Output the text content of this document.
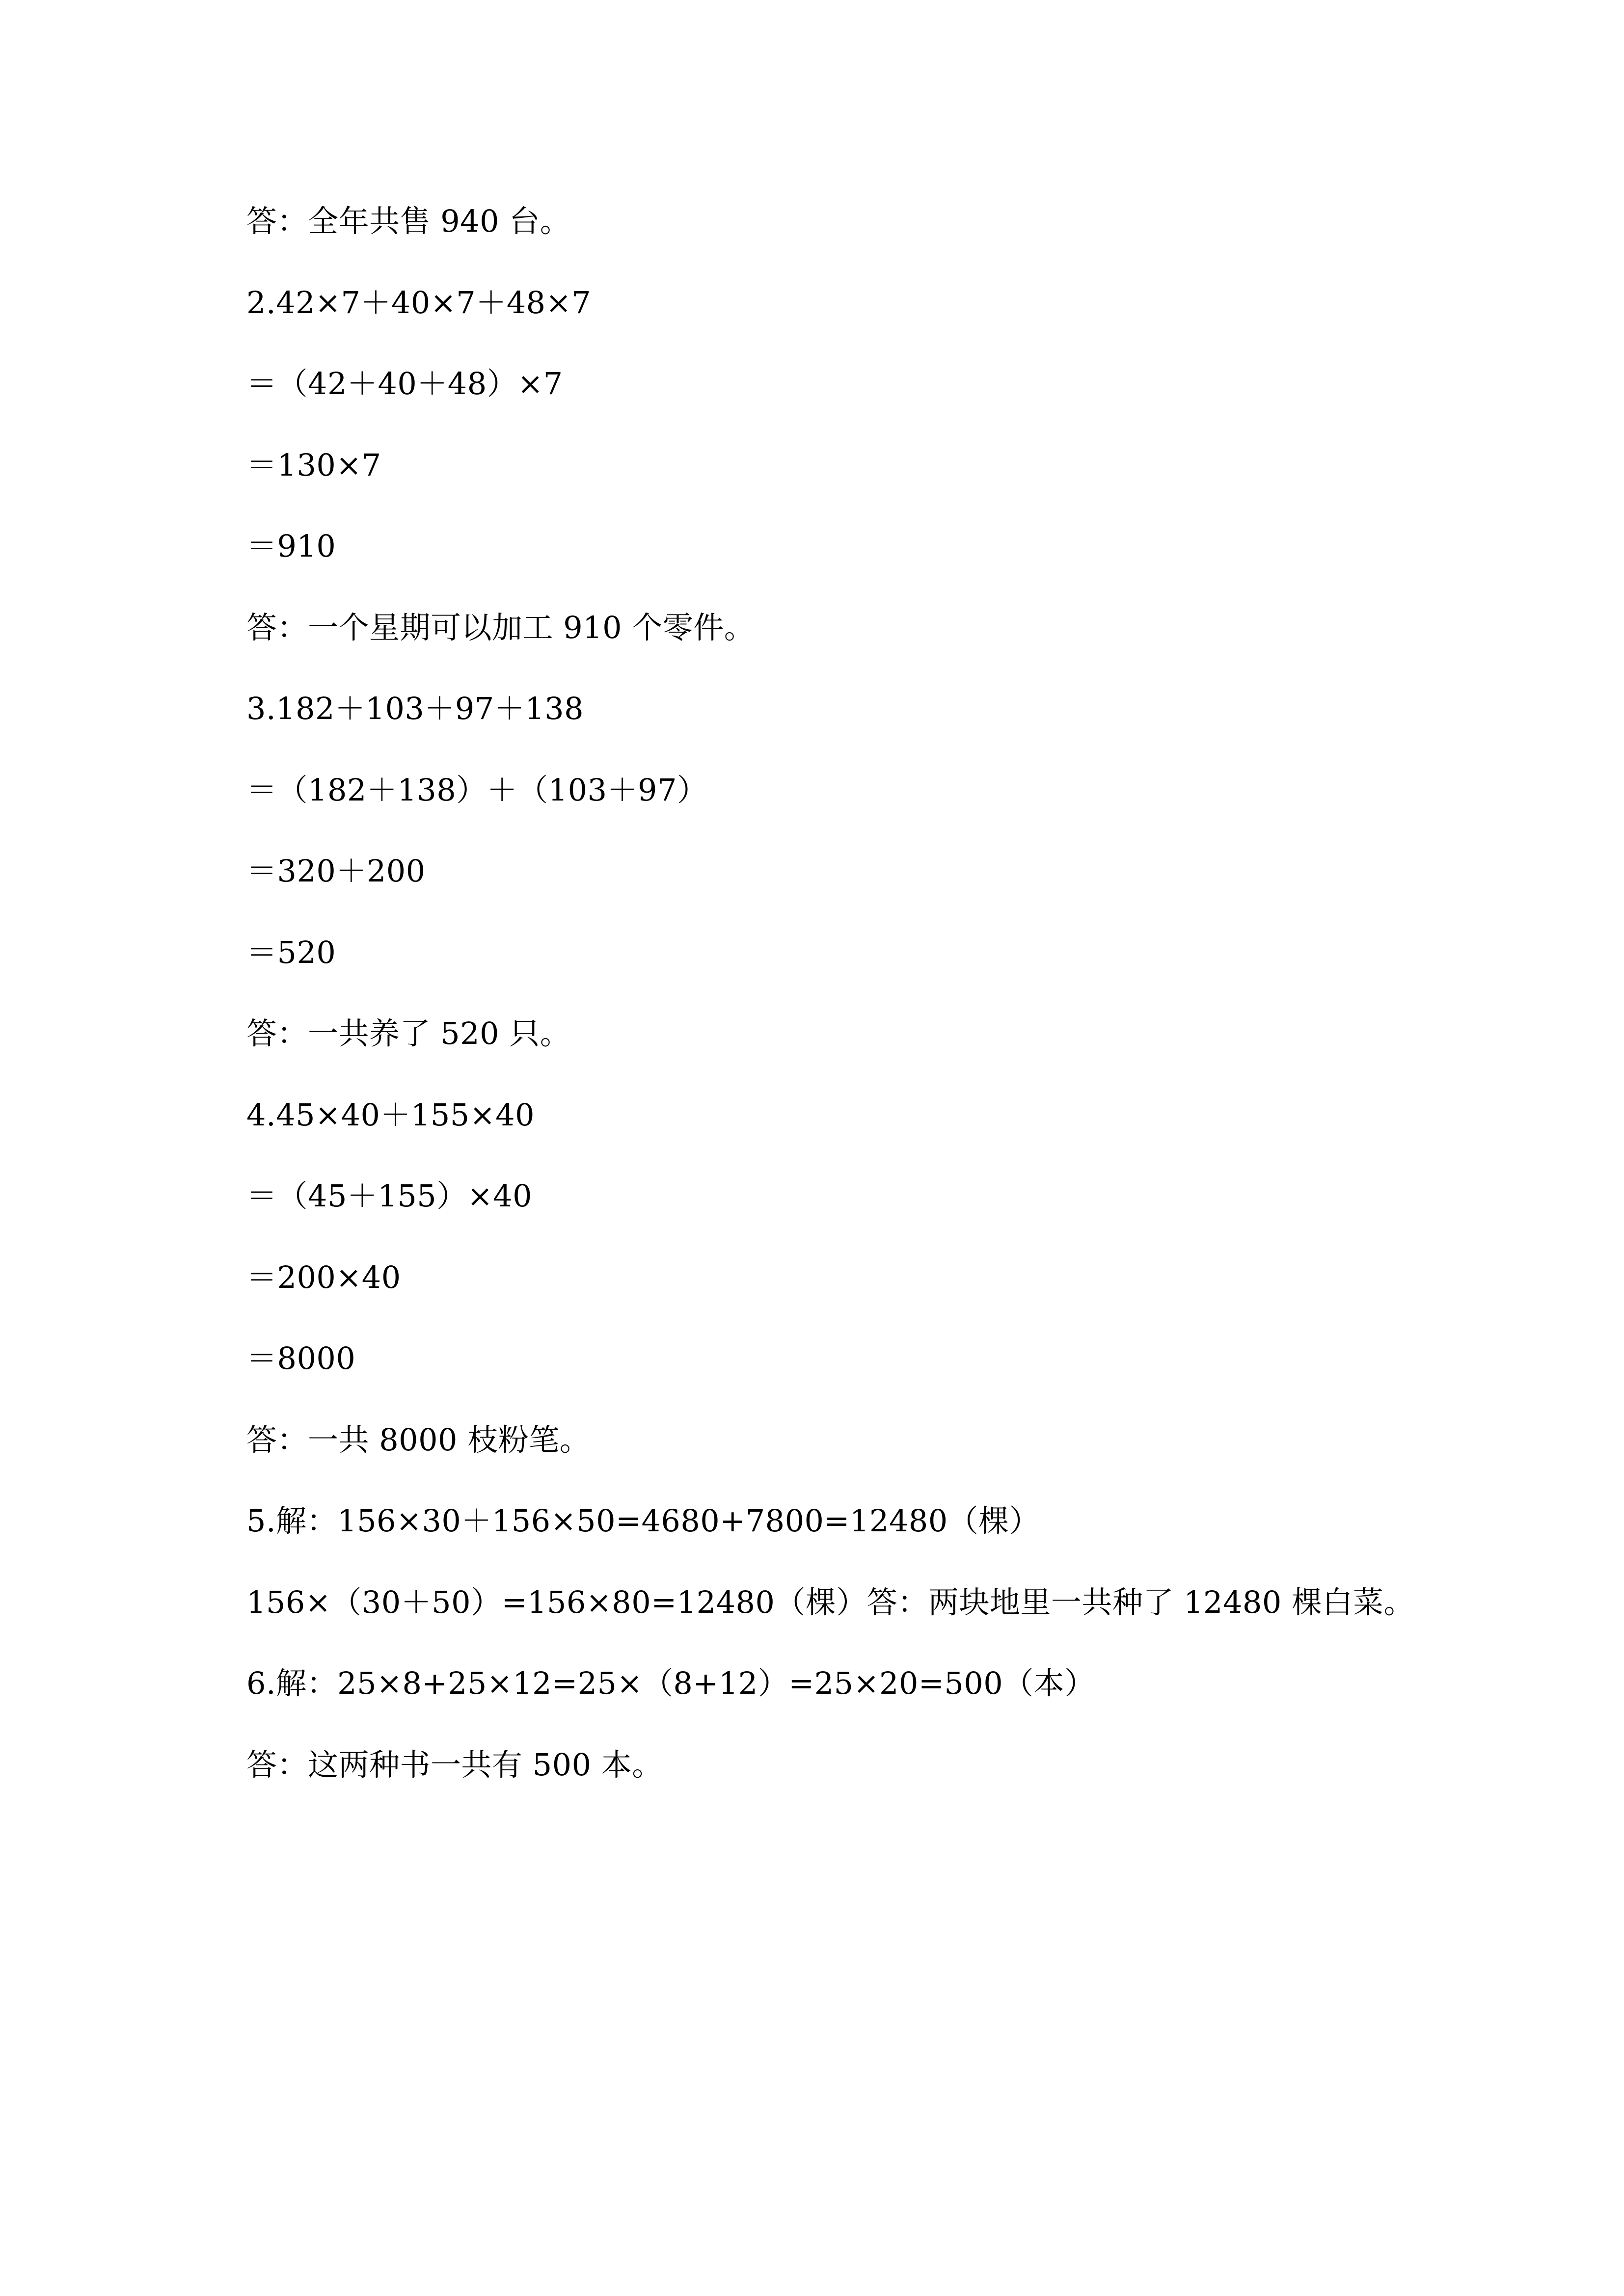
答：全年共售 940 台。
2.42×7＋40×7＋48×7
＝（42＋40＋48）×7
＝130×7
＝910
答：一个星期可以加工 910 个零件。
3.182＋103＋97＋138
＝（182＋138）＋（103＋97）
＝320＋200
＝520
答：一共养了 520 只。
4.45×40＋155×40
＝（45＋155）×40
＝200×40
＝8000
答：一共 8000 枝粉笔。
5.解：156×30＋156×50=4680+7800=12480（棵）
156×（30＋50）=156×80=12480（棵）答：两块地里一共种了 12480 棵白菜。
6.解：25×8+25×12=25×（8+12）=25×20=500（本）
答：这两种书一共有 500 本。
